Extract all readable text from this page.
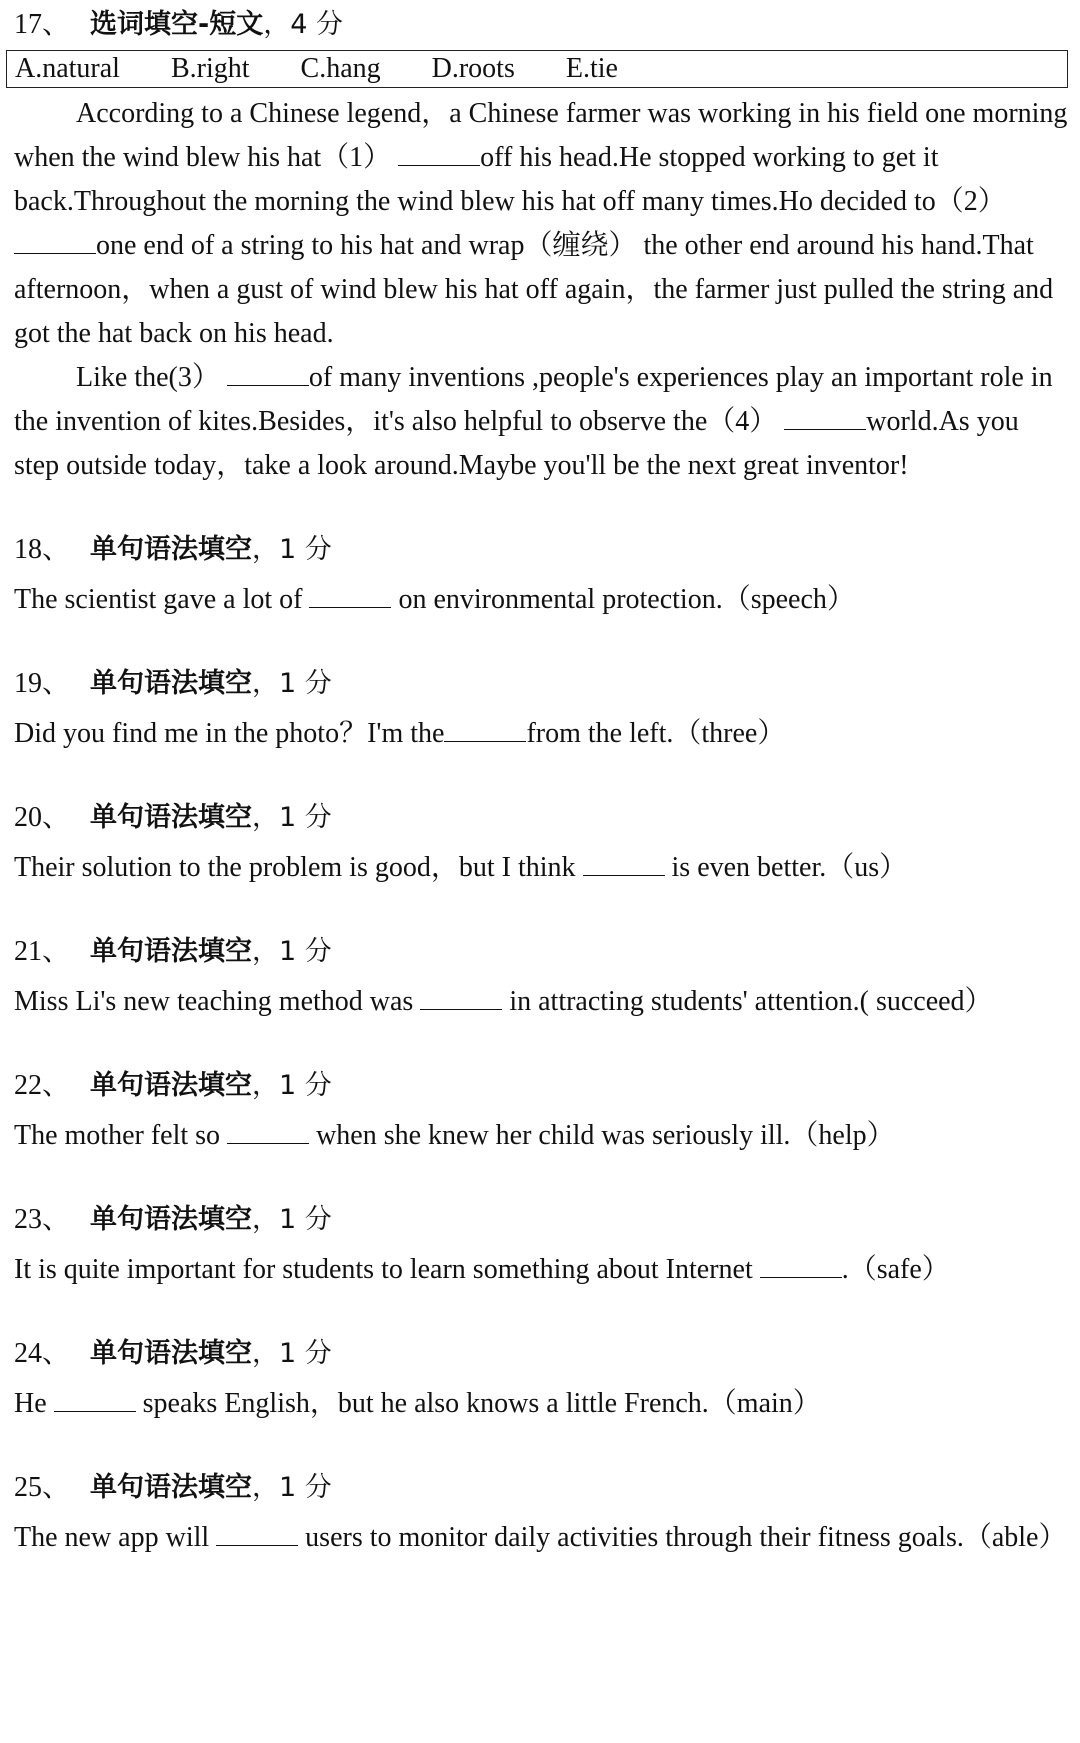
17、 选词填空-短文，4 分
A.natural B.right C.hang D.roots E.tie

According to a Chinese legend，a Chinese farmer was working in his field one morning when the wind blew his hat（1）	off his head.He stopped working to get it back.Throughout the morning the wind blew his hat off many times.Ho decided to（2） one end of a string to his hat and wrap（缠绕） the other end around his hand.That afternoon，when a gust of wind blew his hat off again，the farmer just pulled the string and got the hat back on his head.

Like the(3）	of many inventions ,people's experiences play an important role in the invention of kites.Besides，it's also helpful to observe the（4）	world.As you step outside today，take a look around.Maybe you'll be the next great inventor!

18、 单句语法填空，1 分
The scientist gave a lot of	on environmental protection.（speech）
19、 单句语法填空，1 分
Did you find me in the photo？I'm the	from the left.（three）
20、 单句语法填空，1 分
Their solution to the problem is good，but I think	is even better.（us）
21、 单句语法填空，1 分
Miss Li's new teaching method was	in attracting students' attention.( succeed）
22、 单句语法填空，1 分
The mother felt so	when she knew her child was seriously ill.（help）
23、 单句语法填空，1 分
It is quite important for students to learn something about Internet	.（safe）
24、 单句语法填空，1 分
He	speaks English，but he also knows a little French.（main）
25、 单句语法填空，1 分
The new app will	users to monitor daily activities through their fitness goals.（able）
